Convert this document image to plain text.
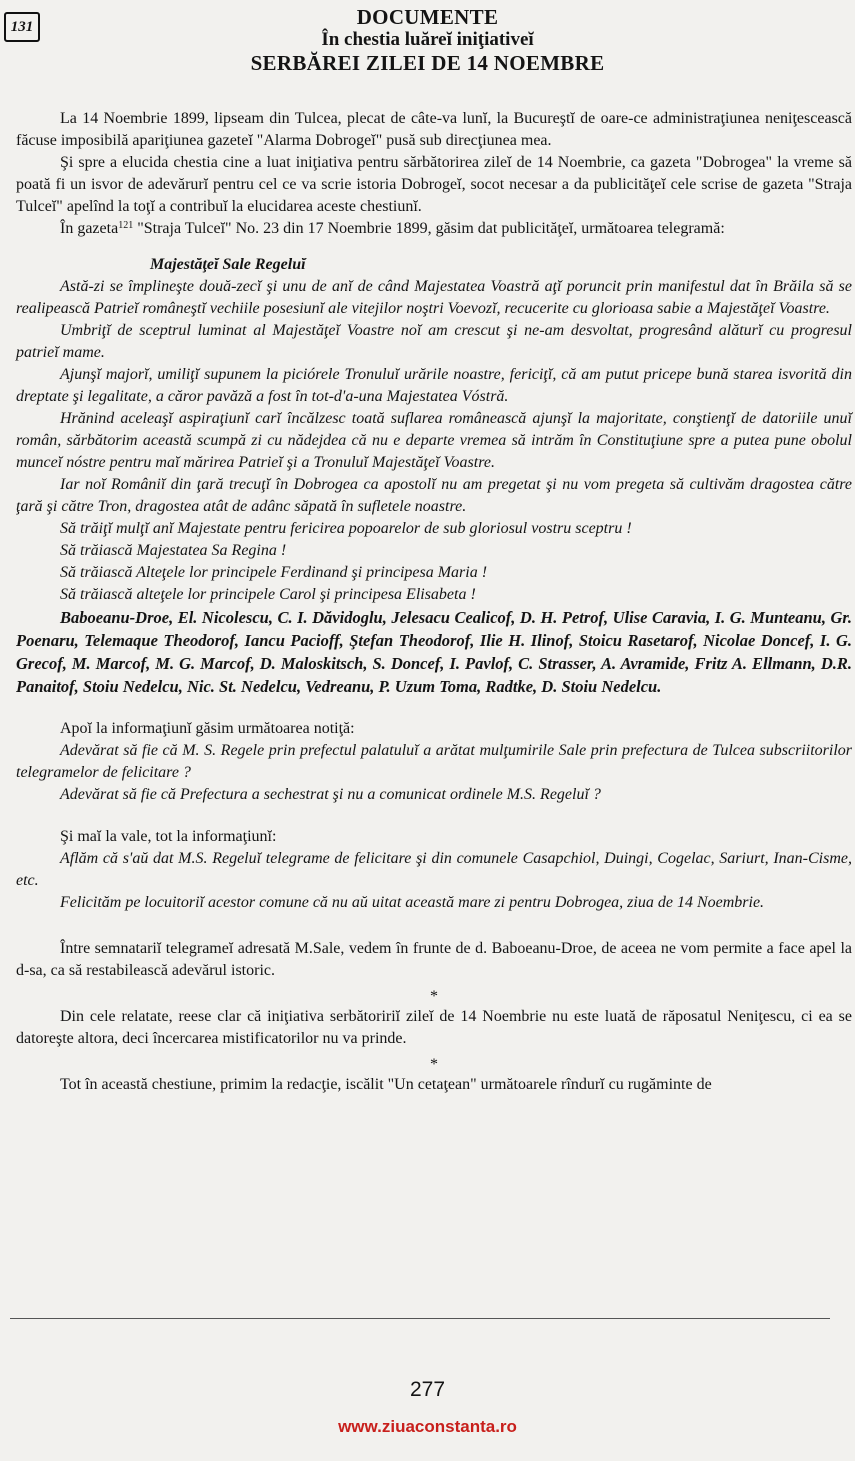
131	DOCUMENTE
În chestia luăreĭ iniţiativeĭ
SERBĂREI ZILEI DE 14 NOEMBRE

La 14 Noembrie 1899, lipseam din Tulcea, plecat de câte-va lunĭ, la Bucureştĭ de oare-ce administraţiunea neniţescească făcuse imposibilă apariţiunea gazeteĭ "Alarma Dobrogeĭ" pusă sub direcţiunea mea.

Şi spre a elucida chestia cine a luat iniţiativa pentru sărbătorirea zileĭ de 14 Noembrie, ca gazeta "Dobrogea" la vreme să poată fi un isvor de adevărurĭ pentru cel ce va scrie istoria Dobrogeĭ, socot necesar a da publicităţeĭ cele scrise de gazeta "Straja Tulceĭ" apelînd la toţĭ a contribuĭ la elucidarea aceste chestiunĭ.

În gazeta$^{121}$ "Straja Tulceĭ" No. 23 din 17 Noembrie 1899, găsim dat publicităţeĭ, următoarea telegramă:

Majestăţeĭ Sale Regeluĭ

Astă-zi se împlineşte două-zecĭ şi unu de anĭ de când Majestatea Voastră aţĭ poruncit prin manifestul dat în Brăila să se realipească Patrieĭ româneştĭ vechiile posesiunĭ ale vitejilor noştri Voevozĭ, recucerite cu glorioasa sabie a Majestăţeĭ Voastre.

Umbriţĭ de sceptrul luminat al Majestăţeĭ Voastre noĭ am crescut şi ne-am desvoltat, progresând alăturĭ cu progresul patrieĭ mame.

Ajunşĭ majorĭ, umiliţĭ supunem la piciórele Tronuluĭ urările noastre, fericiţĭ, că am putut pricepe bună starea isvorită din dreptate şi legalitate, a căror pavăză a fost în tot-d'a-una Majestatea Vóstră.

Hrănind aceleaşĭ aspiraţiunĭ carĭ încălzesc toată suflarea românească ajunşĭ la majoritate, conştienţĭ de datoriile unuĭ român, sărbătorim această scumpă zi cu nădejdea că nu e departe vremea să intrăm în Constituţiune spre a putea pune obolul munceĭ nóstre pentru maĭ mărirea Patrieĭ şi a Tronuluĭ Majestăţeĭ Voastre.

Iar noĭ Româniĭ din ţară trecuţĭ în Dobrogea ca apostolĭ nu am pregetat şi nu vom pregeta să cultivăm dragostea către ţară şi către Tron, dragostea atât de adânc săpată în sufletele noastre.

Să trăiţĭ mulţĭ anĭ Majestate pentru fericirea popoarelor de sub gloriosul vostru sceptru !

Să trăiască Majestatea Sa Regina !

Să trăiască Alteţele lor principele Ferdinand şi principesa Maria !

Să trăiască alteţele lor principele Carol şi principesa Elisabeta !

Baboeanu-Droe, El. Nicolescu, C. I. Dăvidoglu, Jelesacu Cealicof, D. H. Petrof, Ulise Caravia, I. G. Munteanu, Gr. Poenaru, Telemaque Theodorof, Iancu Pacioff, Ştefan Theodorof, Ilie H. Ilinof, Stoicu Rasetarof, Nicolae Doncef, I. G. Grecof, M. Marcof, M. G. Marcof, D. Maloskitsch, S. Doncef, I. Pavlof, C. Strasser, A. Avramide, Fritz A. Ellmann, D.R. Panaitof, Stoiu Nedelcu, Nic. St. Nedelcu, Vedreanu, P. Uzum Toma, Radtke, D. Stoiu Nedelcu.

Apoĭ la informaţiunĭ găsim următoarea notiţă:

Adevărat să fie că M. S. Regele prin prefectul palatuluĭ a arătat mulţumirile Sale prin prefectura de Tulcea subscriitorilor telegramelor de felicitare ?

Adevărat să fie că Prefectura a sechestrat şi nu a comunicat ordinele M.S. Regeluĭ ?

Şi maĭ la vale, tot la informaţiunĭ:

Aflăm că s'aŭ dat M.S. Regeluĭ telegrame de felicitare şi din comunele Casapchiol, Duingi, Cogelac, Sariurt, Inan-Cisme, etc.

Felicităm pe locuitoriĭ acestor comune că nu aŭ uitat această mare zi pentru Dobrogea, ziua de 14 Noembrie.

Între semnatariĭ telegrameĭ adresată M.Sale, vedem în frunte de d. Baboeanu-Droe, de aceea ne vom permite a face apel la d-sa, ca să restabilească adevărul istoric.

*

Din cele relatate, reese clar că iniţiativa serbătoririĭ zileĭ de 14 Noembrie nu este luată de răposatul Neniţescu, ci ea se datoreşte altora, deci încercarea mistificatorilor nu va prinde.

*

Tot în această chestiune, primim la redacţie, iscălit "Un cetaţean" următoarele rîndurĭ cu rugăminte de

277
www.ziuaconstanta.ro
